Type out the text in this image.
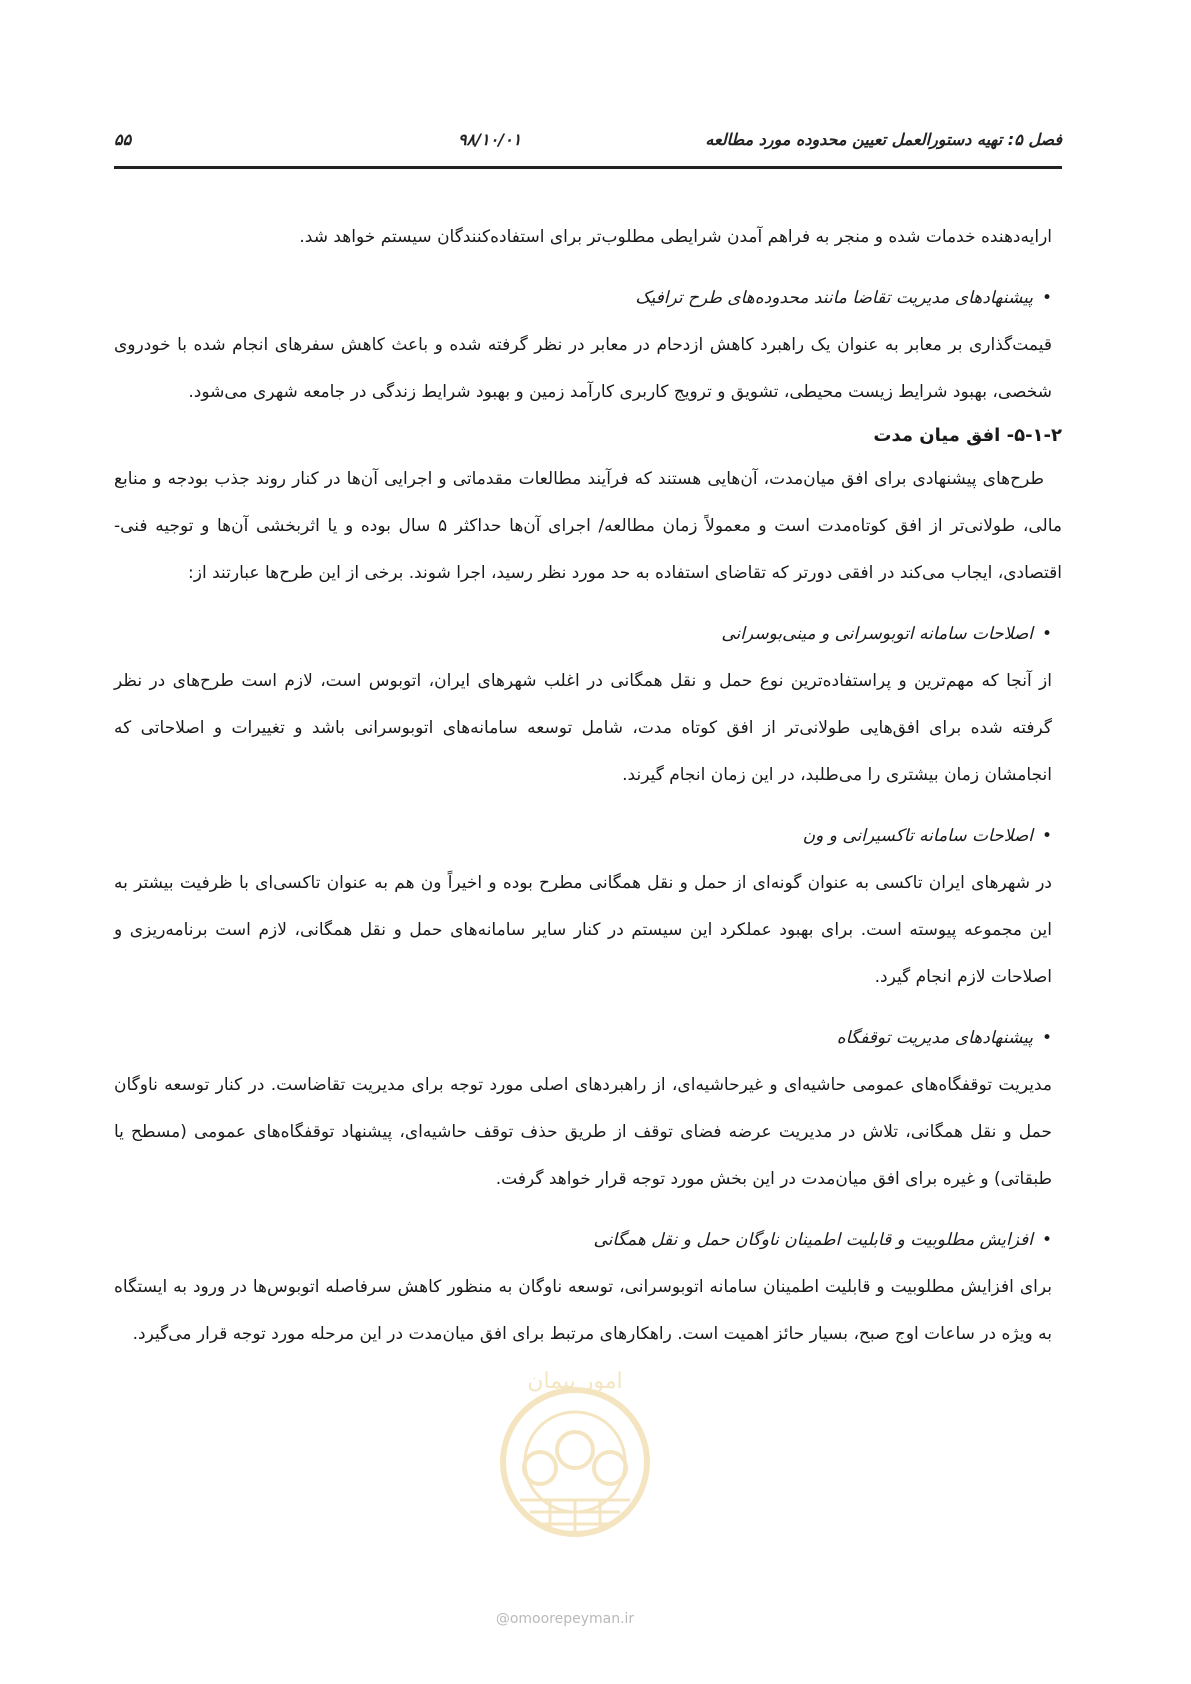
فصل ۵: تهیه دستورالعمل تعیین محدوده مورد مطالعه
۹۸/۱۰/۰۱
۵۵

ارایه‌دهنده خدمات شده و منجر به فراهم آمدن شرایطی مطلوب‌تر برای استفاده‌کنندگان سیستم خواهد شد.

•
پیشنهادهای مدیریت تقاضا مانند محدوده‌های طرح ترافیک

قیمت‌گذاری بر معابر به عنوان یک راهبرد کاهش ازدحام در معابر در نظر گرفته شده و باعث کاهش سفرهای انجام شده با خودروی شخصی، بهبود شرایط زیست محیطی، تشویق و ترویج کاربری کارآمد زمین و بهبود شرایط زندگی در جامعه شهری می‌شود.

۵-۱-۲- افق میان مدت

طرح‌های پیشنهادی برای افق میان‌مدت، آن‌هایی هستند که فرآیند مطالعات مقدماتی و اجرایی آن‌ها در کنار روند جذب بودجه و منابع مالی، طولانی‌تر از افق کوتاه‌مدت است و معمولاً زمان مطالعه/ اجرای آن‌ها حداکثر ۵ سال بوده و یا اثربخشی آن‌ها و توجیه فنی- اقتصادی، ایجاب می‌کند در افقی دورتر که تقاضای استفاده به حد مورد نظر رسید، اجرا شوند. برخی از این طرح‌ها عبارتند از:

•
اصلاحات سامانه اتوبوسرانی و مینی‌بوسرانی

از آنجا که مهم‌ترین و پراستفاده‌ترین نوع حمل و نقل همگانی در اغلب شهرهای ایران، اتوبوس است، لازم است طرح‌های در نظر گرفته شده برای افق‌هایی طولانی‌تر از افق کوتاه مدت، شامل توسعه سامانه‌های اتوبوسرانی باشد و تغییرات و اصلاحاتی که انجامشان زمان بیشتری را می‌طلبد، در این زمان انجام گیرند.

•
اصلاحات سامانه تاکسیرانی و ون

در شهرهای ایران تاکسی به عنوان گونه‌ای از حمل و نقل همگانی مطرح بوده و اخیراً ون هم به عنوان تاکسی‌ای با ظرفیت بیشتر به این مجموعه پیوسته است. برای بهبود عملکرد این سیستم در کنار سایر سامانه‌های حمل و نقل همگانی، لازم است برنامه‌ریزی و اصلاحات لازم انجام گیرد.

•
پیشنهادهای مدیریت توقفگاه

مدیریت توقفگاه‌های عمومی حاشیه‌ای و غیرحاشیه‌ای، از راهبردهای اصلی مورد توجه برای مدیریت تقاضاست. در کنار توسعه ناوگان حمل و نقل همگانی، تلاش در مدیریت عرضه فضای توقف از طریق حذف توقف حاشیه‌ای، پیشنهاد توقفگاه‌های عمومی (مسطح یا طبقاتی) و غیره برای افق میان‌مدت در این بخش مورد توجه قرار خواهد گرفت.

•
افزایش مطلوبیت و قابلیت اطمینان ناوگان حمل و نقل همگانی

برای افزایش مطلوبیت و قابلیت اطمینان سامانه اتوبوسرانی، توسعه ناوگان به منظور کاهش سرفاصله اتوبوس‌ها در ورود به ایستگاه به ویژه در ساعات اوج صبح، بسیار حائز اهمیت است. راهکارهای مرتبط برای افق میان‌مدت در این مرحله مورد توجه قرار می‌گیرد.

امور پیمان
@omoorepeyman.ir
